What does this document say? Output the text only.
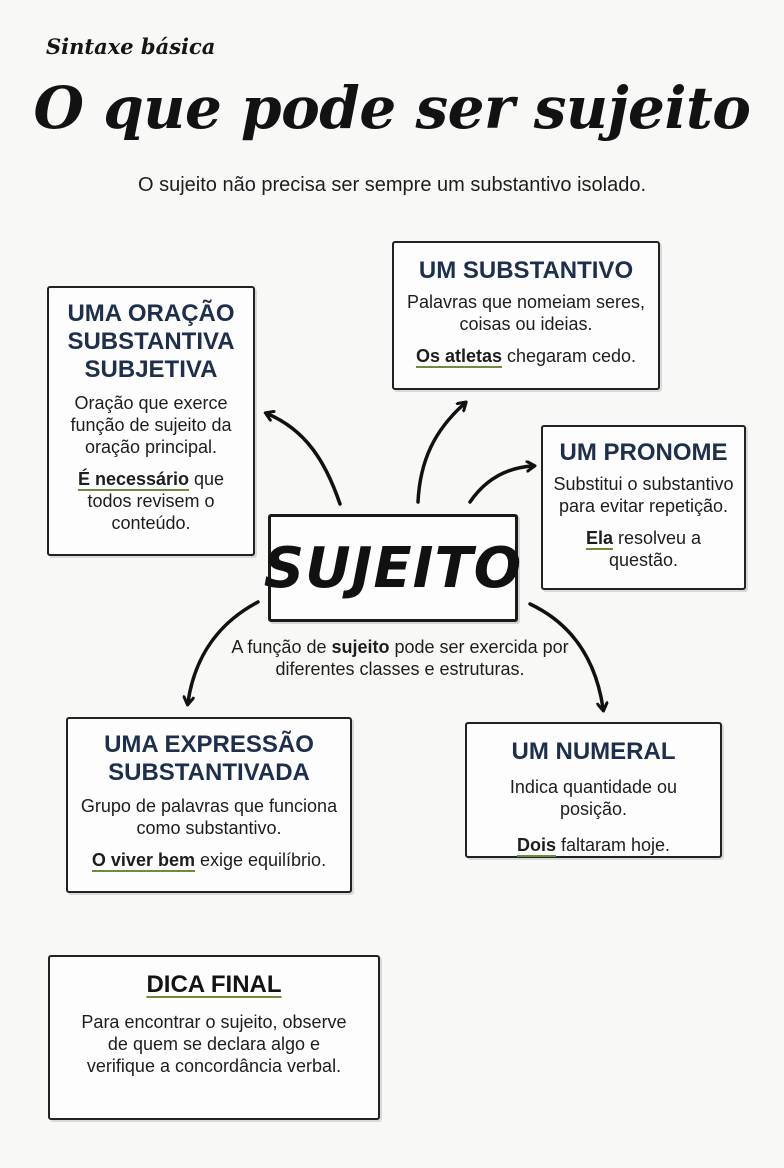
Sintaxe básica
O que pode ser sujeito
O sujeito não precisa ser sempre um substantivo isolado.
UMA ORAÇÃO SUBSTANTIVA SUBJETIVA
Oração que exerce função de sujeito da oração principal.
É necessário que todos revisem o conteúdo.
UM SUBSTANTIVO
Palavras que nomeiam seres, coisas ou ideias.
Os atletas chegaram cedo.
UM PRONOME
Substitui o substantivo para evitar repetição.
Ela resolveu a questão.
SUJEITO
A função de sujeito pode ser exercida por diferentes classes e estruturas.
UMA EXPRESSÃO SUBSTANTIVADA
Grupo de palavras que funciona como substantivo.
O viver bem exige equilíbrio.
UM NUMERAL
Indica quantidade ou posição.
Dois faltaram hoje.
DICA FINAL
Para encontrar o sujeito, observe de quem se declara algo e verifique a concordância verbal.
